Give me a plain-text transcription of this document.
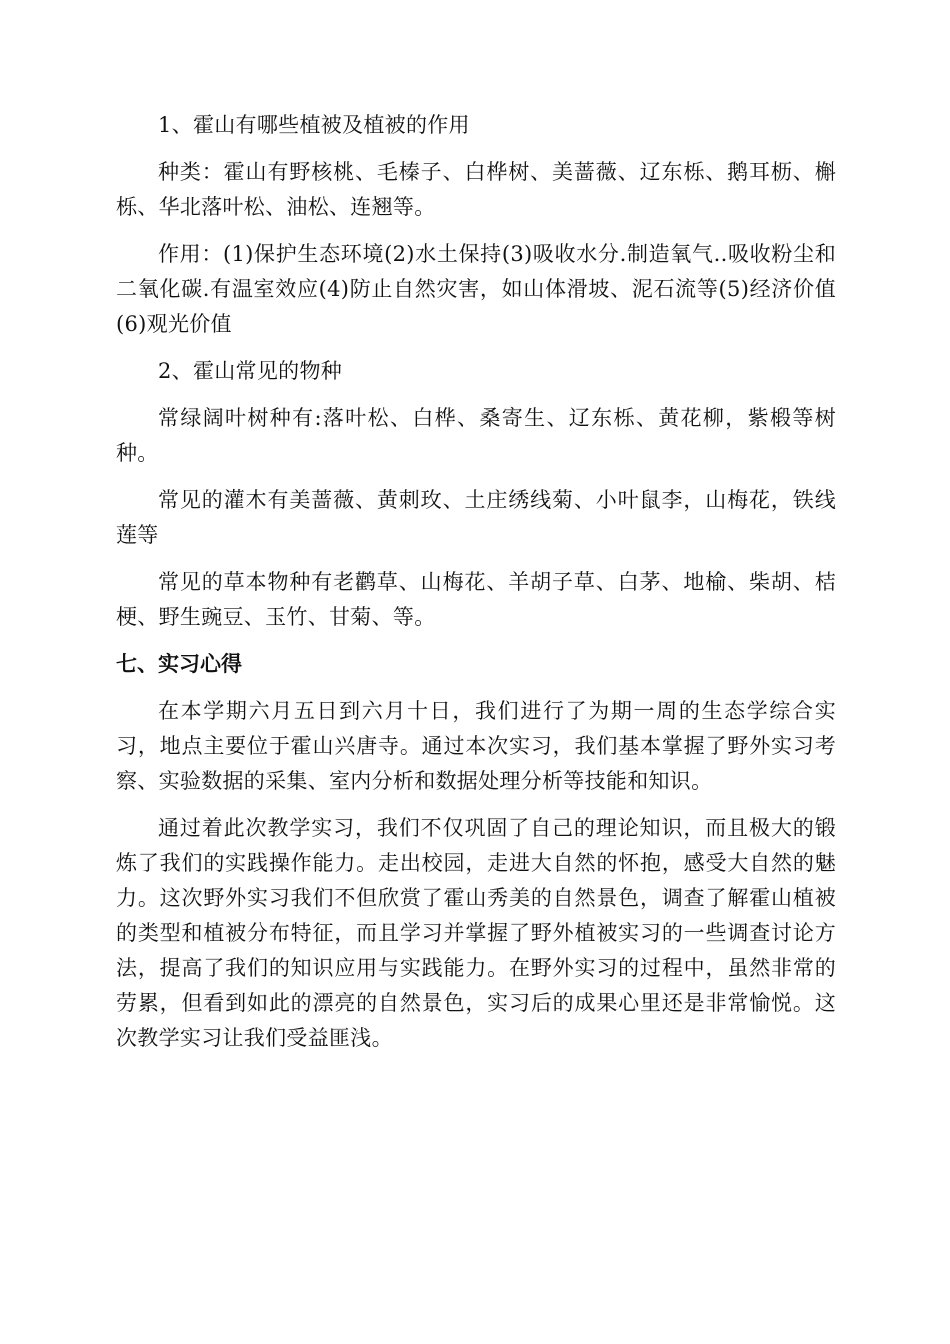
1、霍山有哪些植被及植被的作用

种类：霍山有野核桃、毛榛子、白桦树、美蔷薇、辽东栎、鹅耳枥、槲栎、华北落叶松、油松、连翘等。

作用：(1)保护生态环境(2)水土保持(3)吸收水分.制造氧气..吸收粉尘和二氧化碳.有温室效应(4)防止自然灾害，如山体滑坡、泥石流等(5)经济价值(6)观光价值

2、霍山常见的物种

常绿阔叶树种有:落叶松、白桦、桑寄生、辽东栎、黄花柳，紫椴等树种。

常见的灌木有美蔷薇、黄刺玫、土庄绣线菊、小叶鼠李，山梅花，铁线莲等

常见的草本物种有老鹳草、山梅花、羊胡子草、白茅、地榆、柴胡、桔梗、野生豌豆、玉竹、甘菊、等。

七、实习心得

在本学期六月五日到六月十日，我们进行了为期一周的生态学综合实习，地点主要位于霍山兴唐寺。通过本次实习，我们基本掌握了野外实习考察、实验数据的采集、室内分析和数据处理分析等技能和知识。

通过着此次教学实习，我们不仅巩固了自己的理论知识，而且极大的锻炼了我们的实践操作能力。走出校园，走进大自然的怀抱，感受大自然的魅力。这次野外实习我们不但欣赏了霍山秀美的自然景色，调查了解霍山植被的类型和植被分布特征，而且学习并掌握了野外植被实习的一些调查讨论方法，提高了我们的知识应用与实践能力。在野外实习的过程中，虽然非常的劳累，但看到如此的漂亮的自然景色，实习后的成果心里还是非常愉悦。这次教学实习让我们受益匪浅。
